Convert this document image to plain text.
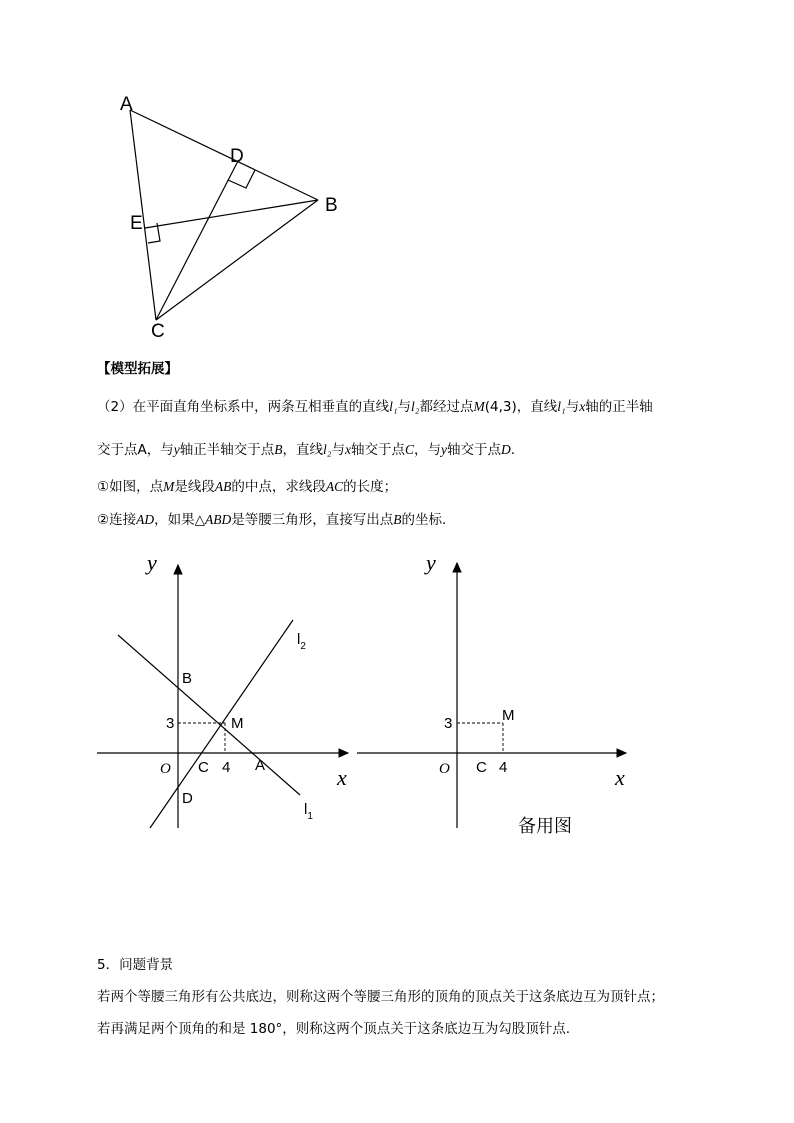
A
D
B
E
C
【模型拓展】
（2）在平面直角坐标系中，两条互相垂直的直线l₁与l₂都经过点M(4,3)，直线l₁与x轴的正半轴
交于点A，与y轴正半轴交于点B，直线l₂与x轴交于点C，与y轴交于点D.
①如图，点M是线段AB的中点，求线段AC的长度；
②连接AD，如果△ABD是等腰三角形，直接写出点B的坐标.
y
x
O
B
M
3
C 4 A
D
$l_2$
$l_1$
y
x
O
M
3
C 4
备用图
5．问题背景
若两个等腰三角形有公共底边，则称这两个等腰三角形的顶角的顶点关于这条底边互为顶针点；
若再满足两个顶角的和是 180°，则称这两个顶点关于这条底边互为勾股顶针点.
